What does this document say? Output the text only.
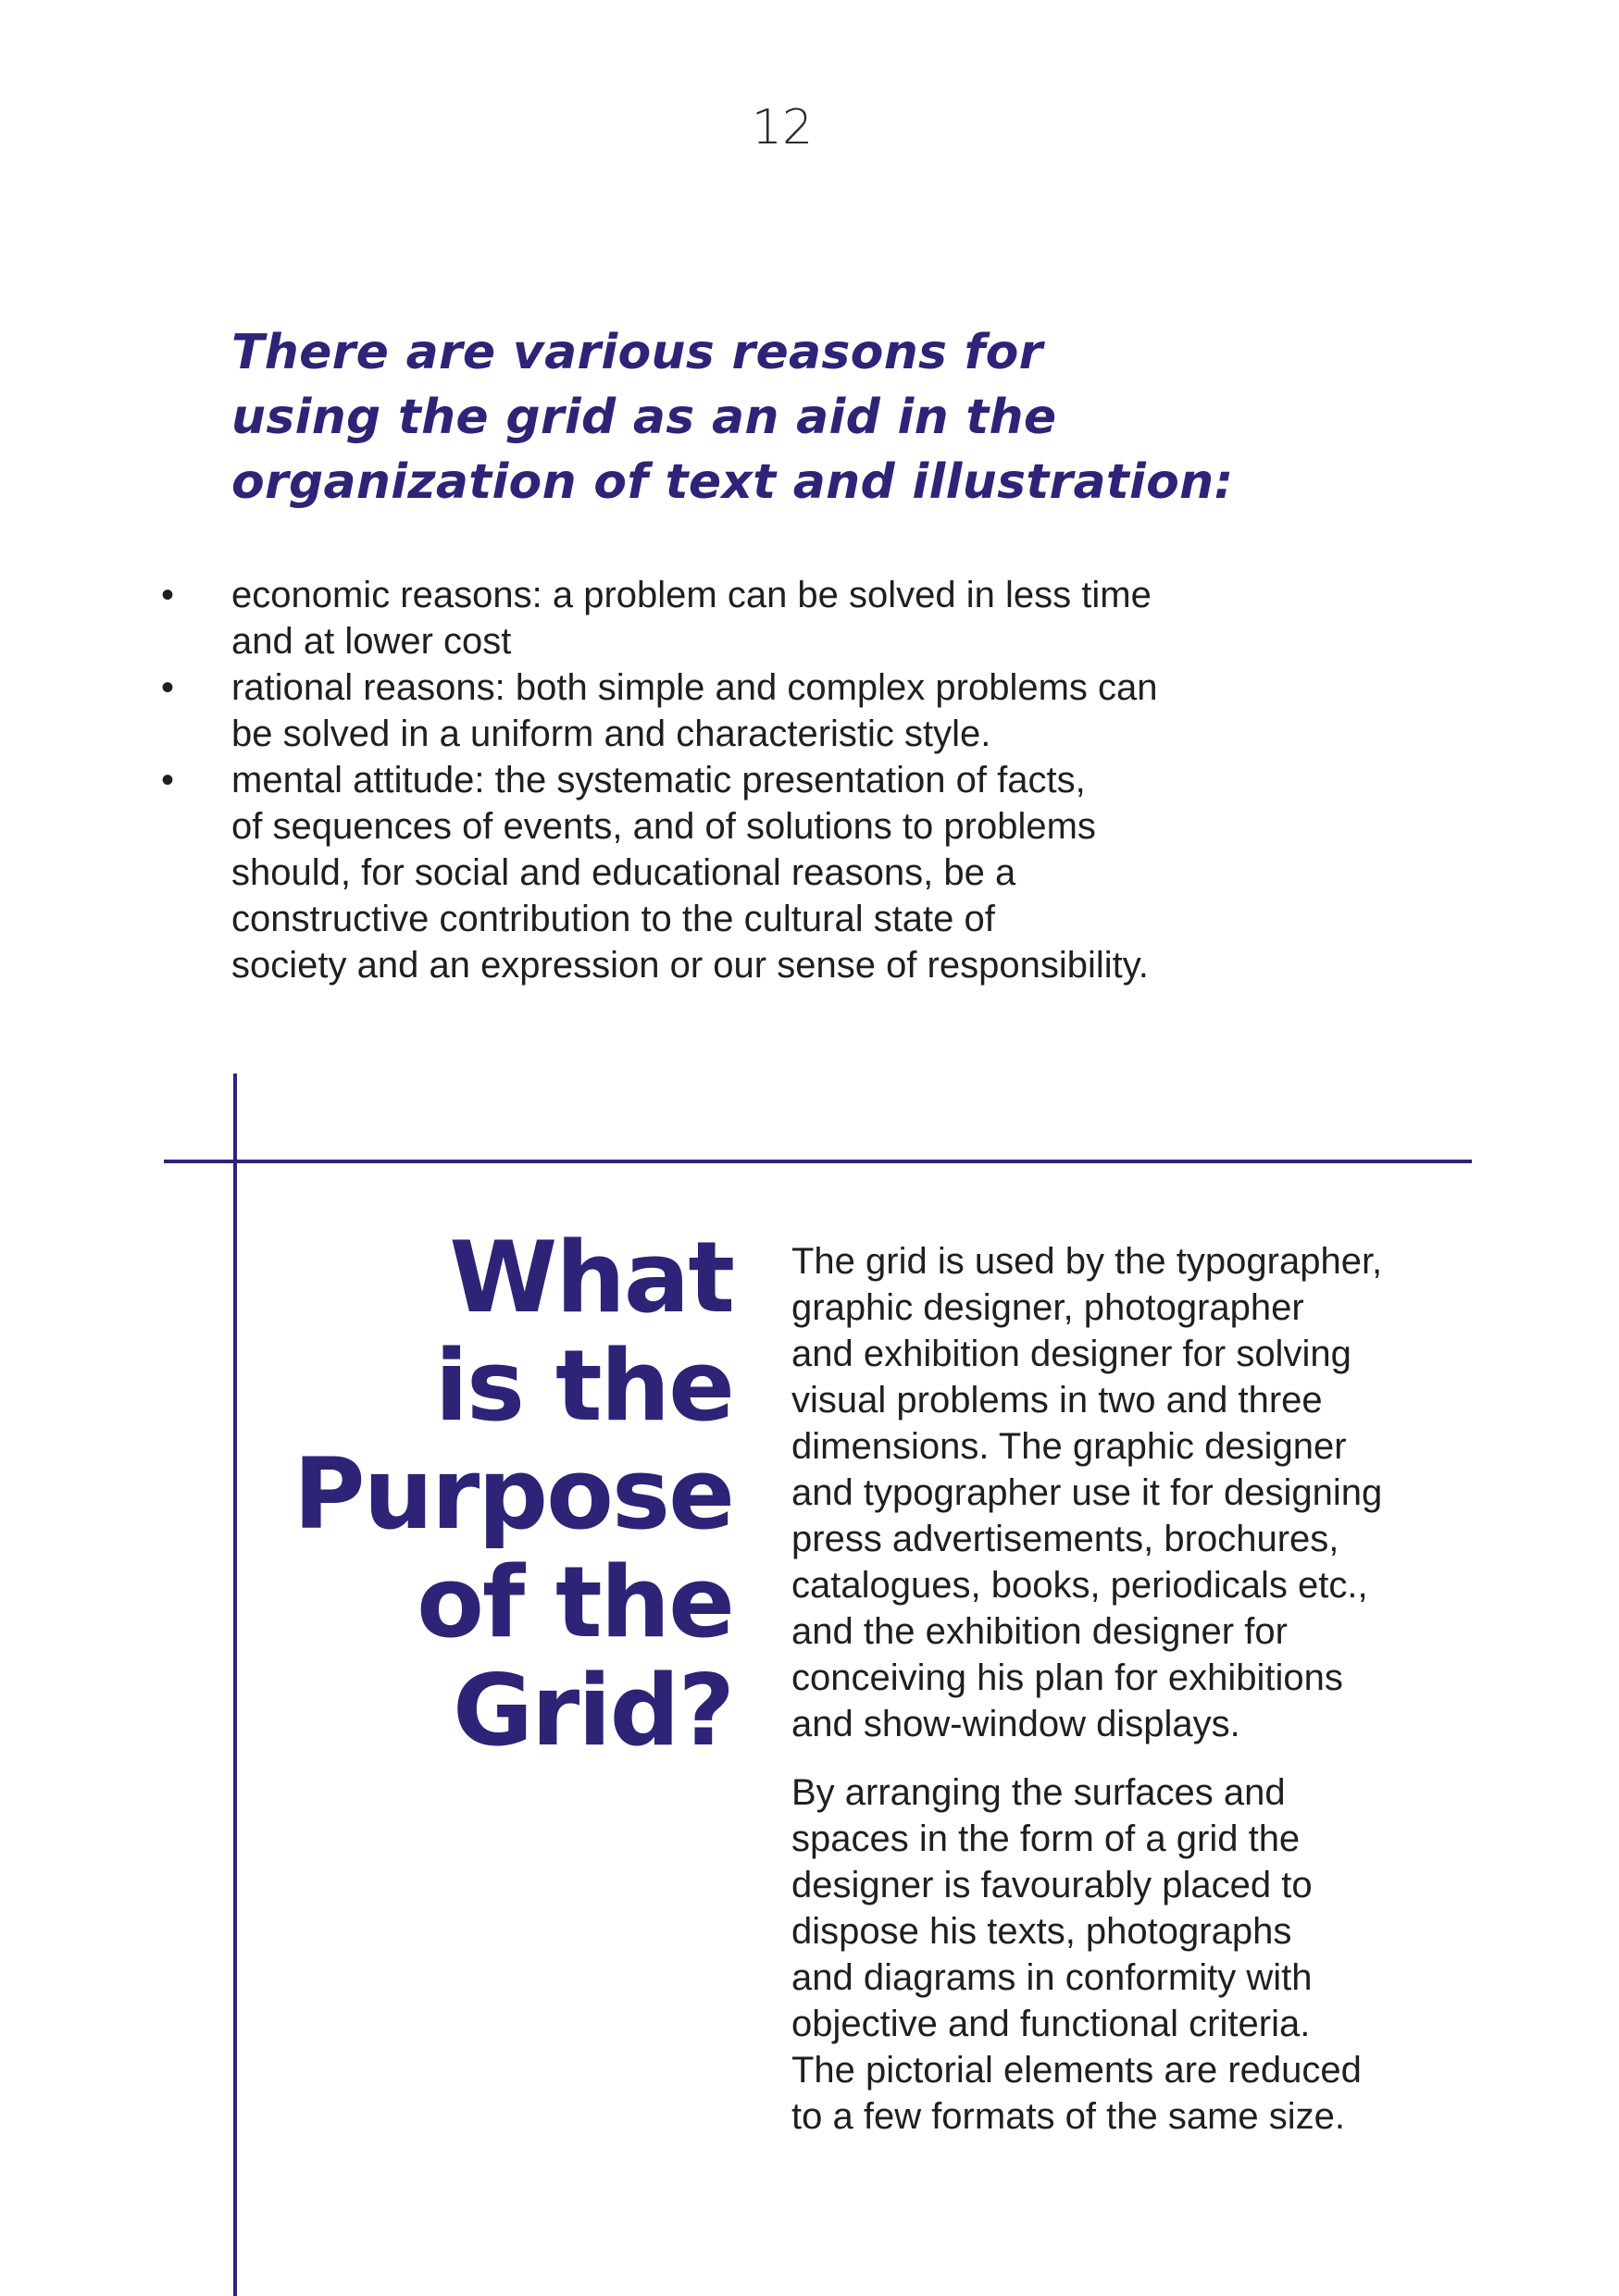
12
There are various reasons for
using the grid as an aid in the
organization of text and illustration:
• economic reasons: a problem can be solved in less time
and at lower cost
• rational reasons: both simple and complex problems can
be solved in a uniform and characteristic style.
• mental attitude: the systematic presentation of facts,
of sequences of events, and of solutions to problems
should, for social and educational reasons, be a
constructive contribution to the cultural state of
society and an expression or our sense of responsibility.
What
is the
Purpose
of the
Grid?

The grid is used by the typographer,
graphic designer, photographer
and exhibition designer for solving
visual problems in two and three
dimensions. The graphic designer
and typographer use it for designing
press advertisements, brochures,
catalogues, books, periodicals etc.,
and the exhibition designer for
conceiving his plan for exhibitions
and show-window displays.

By arranging the surfaces and
spaces in the form of a grid the
designer is favourably placed to
dispose his texts, photographs
and diagrams in conformity with
objective and functional criteria.
The pictorial elements are reduced
to a few formats of the same size.
